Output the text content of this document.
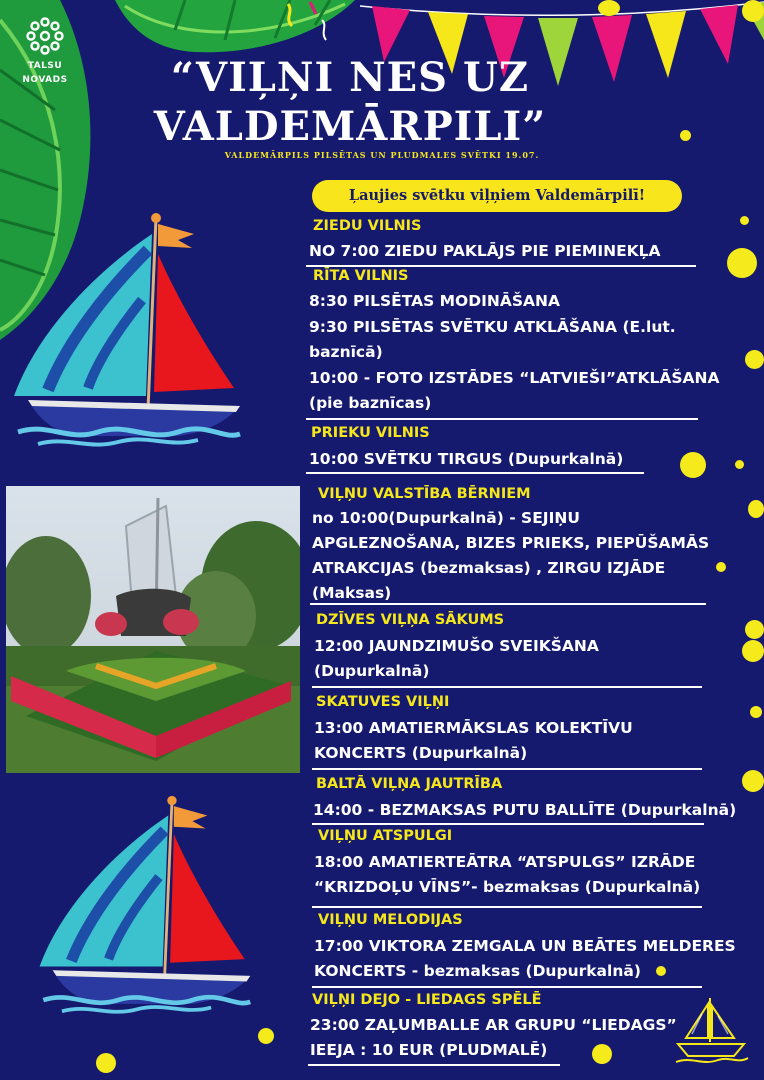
TALSU
NOVADS	“VIĻŅI NES UZ
VALDEMĀRPILI”
VALDEMĀRPILS PILSĒTAS UN PLUDMALES SVĒTKI 19.07.
Ļaujies svētku viļņiem Valdemārpilī!
ZIEDU VILNIS
NO 7:00 ZIEDU PAKLĀJS PIE PIEMINEKĻA
RĪTA VILNIS
8:30 PILSĒTAS MODINĀŠANA
9:30 PILSĒTAS SVĒTKU ATKLĀŠANA (E.lut.
baznīcā)
10:00 - FOTO IZSTĀDES “LATVIEŠI”ATKLĀŠANA
(pie baznīcas)
PRIEKU VILNIS
10:00 SVĒTKU TIRGUS (Dupurkalnā)
VIĻŅU VALSTĪBA BĒRNIEM
no 10:00(Dupurkalnā) - SEJIŅU
APGLEZNOŠANA, BIZES PRIEKS, PIEPŪŠAMĀS
ATRAKCIJAS (bezmaksas) , ZIRGU IZJĀDE
(Maksas)
DZĪVES VIĻŅA SĀKUMS
12:00 JAUNDZIMUŠO SVEIKŠANA
(Dupurkalnā)
SKATUVES VIĻŅI
13:00 AMATIERMĀKSLAS KOLEKTĪVU
KONCERTS (Dupurkalnā)
BALTĀ VIĻŅA JAUTRĪBA
14:00 - BEZMAKSAS PUTU BALLĪTE (Dupurkalnā)
VIĻŅU ATSPULGI
18:00 AMATIERTEĀTRA “ATSPULGS” IZRĀDE
“KRIZDOĻU VĪNS”- bezmaksas (Dupurkalnā)
VIĻŅU MELODIJAS
17:00 VIKTORA ZEMGALA UN BEĀTES MELDERES
KONCERTS - bezmaksas (Dupurkalnā)
VIĻŅI DEJO - LIEDAGS SPĒLĒ
23:00 ZAĻUMBALLE AR GRUPU “LIEDAGS”
IEEJA : 10 EUR (PLUDMALĒ)
